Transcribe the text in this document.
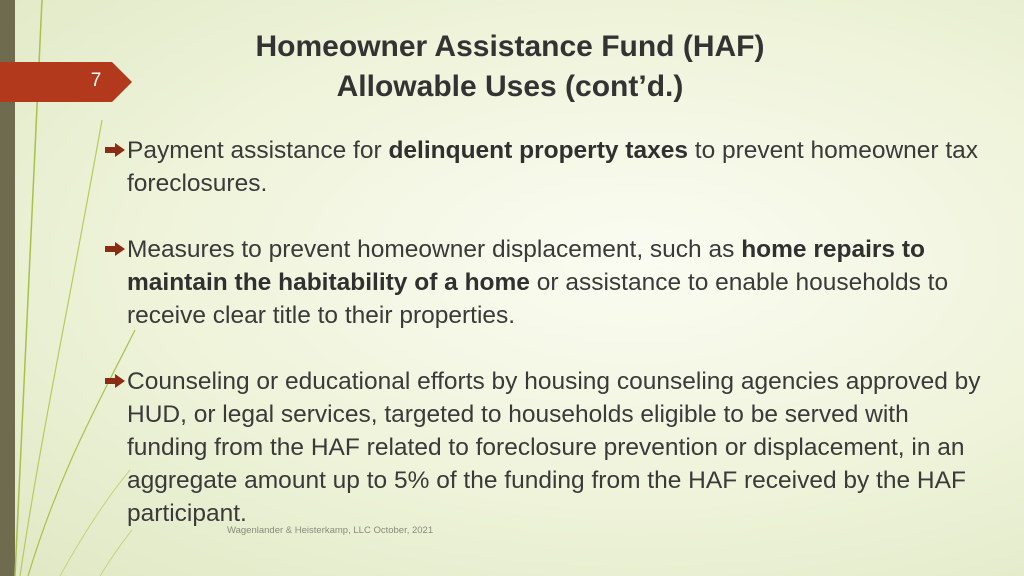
7
Homeowner Assistance Fund (HAF)
Allowable Uses (cont’d.)
Payment assistance for delinquent property taxes to prevent homeowner tax foreclosures.
Measures to prevent homeowner displacement, such as home repairs to maintain the habitability of a home or assistance to enable households to receive clear title to their properties.
Counseling or educational efforts by housing counseling agencies approved by HUD, or legal services, targeted to households eligible to be served with funding from the HAF related to foreclosure prevention or displacement, in an aggregate amount up to 5% of the funding from the HAF received by the HAF participant.
Wagenlander & Heisterkamp, LLC October, 2021
